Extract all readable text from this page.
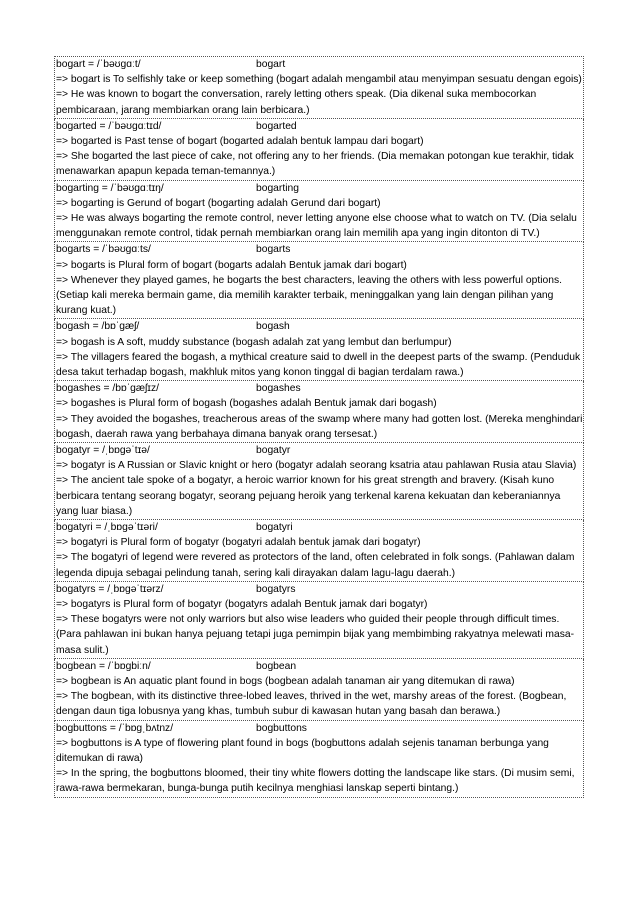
bogart = /ˈbəʊɡɑːt/	bogart
=> bogart is To selfishly take or keep something (bogart adalah mengambil atau menyimpan sesuatu dengan egois)
=> He was known to bogart the conversation, rarely letting others speak. (Dia dikenal suka membocorkan pembicaraan, jarang membiarkan orang lain berbicara.)
bogarted = /ˈbəʊɡɑːtɪd/	bogarted
=> bogarted is Past tense of bogart (bogarted adalah bentuk lampau dari bogart)
=> She bogarted the last piece of cake, not offering any to her friends. (Dia memakan potongan kue terakhir, tidak menawarkan apapun kepada teman-temannya.)
bogarting = /ˈbəʊɡɑːtɪŋ/	bogarting
=> bogarting is Gerund of bogart (bogarting adalah Gerund dari bogart)
=> He was always bogarting the remote control, never letting anyone else choose what to watch on TV. (Dia selalu menggunakan remote control, tidak pernah membiarkan orang lain memilih apa yang ingin ditonton di TV.)
bogarts = /ˈbəʊɡɑːts/	bogarts
=> bogarts is Plural form of bogart (bogarts adalah Bentuk jamak dari bogart)
=> Whenever they played games, he bogarts the best characters, leaving the others with less powerful options. (Setiap kali mereka bermain game, dia memilih karakter terbaik, meninggalkan yang lain dengan pilihan yang kurang kuat.)
bogash = /bɒˈɡæʃ/	bogash
=> bogash is A soft, muddy substance (bogash adalah zat yang lembut dan berlumpur)
=> The villagers feared the bogash, a mythical creature said to dwell in the deepest parts of the swamp. (Penduduk desa takut terhadap bogash, makhluk mitos yang konon tinggal di bagian terdalam rawa.)
bogashes = /bɒˈɡæʃɪz/	bogashes
=> bogashes is Plural form of bogash (bogashes adalah Bentuk jamak dari bogash)
=> They avoided the bogashes, treacherous areas of the swamp where many had gotten lost. (Mereka menghindari bogash, daerah rawa yang berbahaya dimana banyak orang tersesat.)
bogatyr = /ˌbɒɡəˈtɪə/	bogatyr
=> bogatyr is A Russian or Slavic knight or hero (bogatyr adalah seorang ksatria atau pahlawan Rusia atau Slavia)
=> The ancient tale spoke of a bogatyr, a heroic warrior known for his great strength and bravery. (Kisah kuno berbicara tentang seorang bogatyr, seorang pejuang heroik yang terkenal karena kekuatan dan keberaniannya yang luar biasa.)
bogatyri = /ˌbɒɡəˈtɪəri/	bogatyri
=> bogatyri is Plural form of bogatyr (bogatyri adalah bentuk jamak dari bogatyr)
=> The bogatyri of legend were revered as protectors of the land, often celebrated in folk songs. (Pahlawan dalam legenda dipuja sebagai pelindung tanah, sering kali dirayakan dalam lagu-lagu daerah.)
bogatyrs = /ˌbɒɡəˈtɪərz/	bogatyrs
=> bogatyrs is Plural form of bogatyr (bogatyrs adalah Bentuk jamak dari bogatyr)
=> These bogatyrs were not only warriors but also wise leaders who guided their people through difficult times. (Para pahlawan ini bukan hanya pejuang tetapi juga pemimpin bijak yang membimbing rakyatnya melewati masa-masa sulit.)
bogbean = /ˈbɒɡbiːn/	bogbean
=> bogbean is An aquatic plant found in bogs (bogbean adalah tanaman air yang ditemukan di rawa)
=> The bogbean, with its distinctive three-lobed leaves, thrived in the wet, marshy areas of the forest. (Bogbean, dengan daun tiga lobusnya yang khas, tumbuh subur di kawasan hutan yang basah dan berawa.)
bogbuttons = /ˈbɒɡˌbʌtnz/	bogbuttons
=> bogbuttons is A type of flowering plant found in bogs (bogbuttons adalah sejenis tanaman berbunga yang ditemukan di rawa)
=> In the spring, the bogbuttons bloomed, their tiny white flowers dotting the landscape like stars. (Di musim semi, rawa-rawa bermekaran, bunga-bunga putih kecilnya menghiasi lanskap seperti bintang.)
